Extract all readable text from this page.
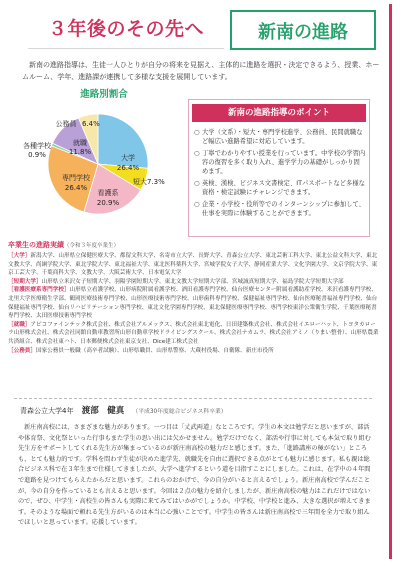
３年後のその先へ	新南の進路
新南の進路指導は、生徒一人ひとりが自分の将来を見据え、主体的に進路を選択・決定できるよう、授業、ホームルーム、学年、進路課が連携して多様な支援を展開しています。
進路別割合
大学
26.4%
短大 7.3%
看護系
20.9%
専門学校
26.4%
各種学校
0.9%
就職
11.8%
公務員 6.4%
新南の進路指導のポイント
○ 大学（文系）・短大・専門学校進学、公務員、民間就職など幅広い進路希望に対応しています。
○ 丁寧でわかりやすい授業を行っています。中学校の学習内容の復習を多く取り入れ、進学学力の基礎がしっかり固めます。
○ 英検、漢検、ビジネス文書検定、ITパスポートなど多様な資格・検定試験にチャレンジできます。
○ 企業・小学校・役所等でのインターンシップに参加して、仕事を実際に体験することができます。
卒業生の進路実績（令和３年度卒業生）
［大学］新潟大学、山形県立保健医療大学、都留文科大学、名寄市立大学、長野大学、青森公立大学、東北芸術工科大学、東北公益文科大学、東北文教大学、尚絅学院大学、東北学院大学、東北福祉大学、東北医科薬科大学、宮城学院女子大学、静岡産業大学、文化学園大学、文京学院大学、東京工芸大学、千葉商科大学、文教大学、大阪芸術大学、日本電気大学
［短期大学］山形県立米沢女子短期大学、羽陽学園短期大学、東北文教大学短期大学部、宮城誠真短期大学、福島学院大学短期大学部
［看護医療系専門学校］山形県立看護学校、山形病院附属看護学校、酒田看護専門学校、仙台医療センター附属看護助産学校、米沢看護専門学校、北里大学医療衛生学部、鶴岡医療技術専門学校、山形医療技術専門学校、山形歯科専門学校、保健福祉専門学校、仙台医療秘書福祉専門学校、仙台保健福祉専門学校、仙台リハビリテーション専門学校、東北文化学園専門学校、東北保健医療専門学校、専門学校東洋公衆衛生学院、千葉医療秘書専門学校、太田医療技術専門学校
［就職］アピコファインテック株式会社、株式会社アルメックス、株式会社東北電化、日田建築株式会社、株式会社イエローハット、トヨタカローラ山形株式会社、株式会社同館自動車教習所山形自動車学校ドライビングスクール、株式会社ナカムラ、株式会社アミノ（りまい整骨）、山形県農業共済組合、株式会社東ハト、日本郵便株式会社東京支社、Dice建工株式会社
［公務員］国家公務員一般職（高卒者試験）、山形県職員、山形県警察、大蔵村役場、自衛隊、新庄市役所
青森公立大学4年 渡部　健真 （平成30年度総合ビジネス科卒業）
新庄南高校には、さまざまな魅力があります。一つ目は「丈武両道」なところです。学生の本文は勉学だと思いますが、部活や体育祭、文化祭といった行事もまた学生の思い出には欠かせません。勉学だけでなく、部活や行事に対しても本気で取り組む先生方をサポートしてくれる先生方が集まっているのが新庄南高校の魅力だと感じます。また、「進路講座の極がない」ところも、とても魅力的です。学科を問わず生徒が決めた進学先、就職先を自由に選択できる点がとても魅力に感じます。私も親は総合ビジネス科で在３年生まで仕様してきましたが、大学へ進学するという道を目指すことにしました。これは、在学中の４年間で進路を見つけてもらえたからだと思います。これらのおかげで、今の自分がいると言えるでしょう。新庄南高校で学んだことが、今の自分を作っているとも言えると思います。今回は２点の魅力を紹介しましたが、新庄南高校の魅力はこれだけではないので、ぜひ、中学生・高校生の皆さんも実際に来てみてはいかがでしょうか。中学校、中学校と進み、大きな選択が増えてきます。そのような場面で頼れる先生方がいるのは本当に心強いことです。中学生の皆さんは新庄南高校で三年間を全力で取り組んでほしいと思っています。応援しています。
